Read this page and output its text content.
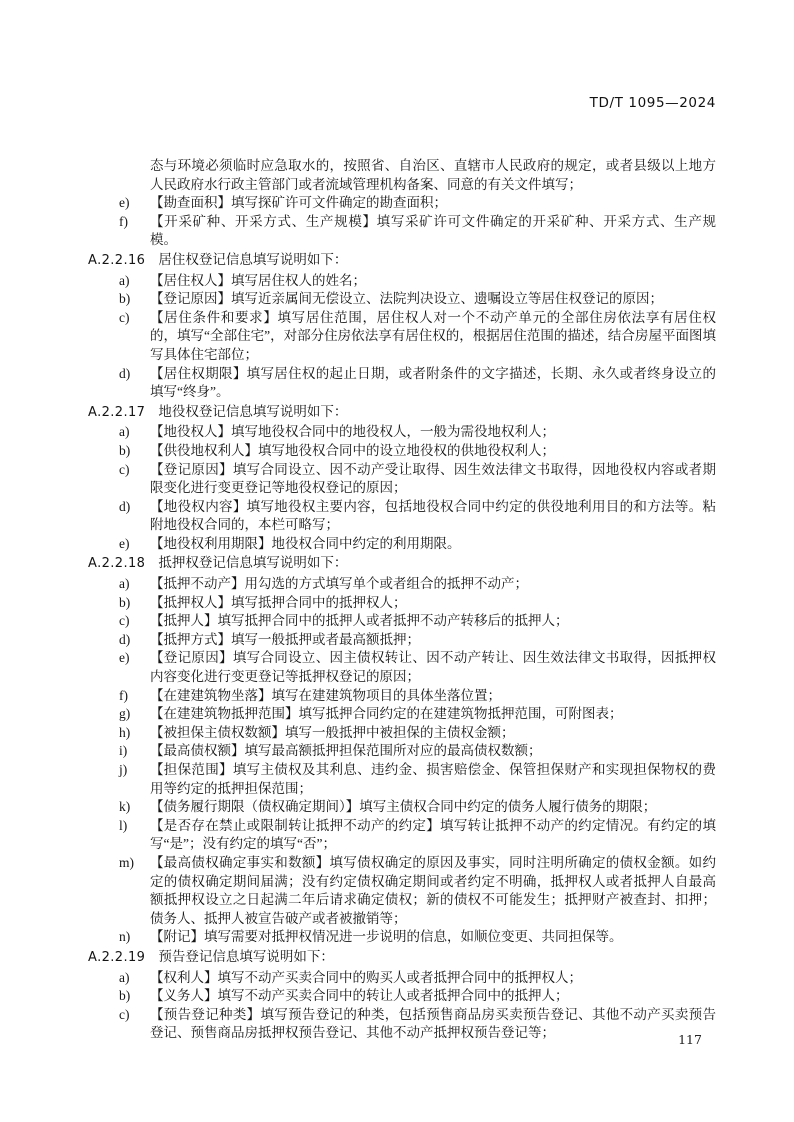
TD/T 1095—2024

态与环境必须临时应急取水的，按照省、自治区、直辖市人民政府的规定，或者县级以上地方人民政府水行政主管部门或者流域管理机构备案、同意的有关文件填写；

e) 【勘查面积】填写探矿许可文件确定的勘查面积；
f) 【开采矿种、开采方式、生产规模】填写采矿许可文件确定的开采矿种、开采方式、生产规模。
A.2.2.16 居住权登记信息填写说明如下：
a) 【居住权人】填写居住权人的姓名；
b) 【登记原因】填写近亲属间无偿设立、法院判决设立、遗嘱设立等居住权登记的原因；
c) 【居住条件和要求】填写居住范围，居住权人对一个不动产单元的全部住房依法享有居住权的，填写“全部住宅”，对部分住房依法享有居住权的，根据居住范围的描述，结合房屋平面图填写具体住宅部位；
d) 【居住权期限】填写居住权的起止日期，或者附条件的文字描述，长期、永久或者终身设立的填写“终身”。
A.2.2.17 地役权登记信息填写说明如下：
a) 【地役权人】填写地役权合同中的地役权人，一般为需役地权利人；
b) 【供役地权利人】填写地役权合同中的设立地役权的供地役权利人；
c) 【登记原因】填写合同设立、因不动产受让取得、因生效法律文书取得，因地役权内容或者期限变化进行变更登记等地役权登记的原因；
d) 【地役权内容】填写地役权主要内容，包括地役权合同中约定的供役地利用目的和方法等。粘附地役权合同的，本栏可略写；
e) 【地役权利用期限】地役权合同中约定的利用期限。
A.2.2.18 抵押权登记信息填写说明如下：
a) 【抵押不动产】用勾选的方式填写单个或者组合的抵押不动产；
b) 【抵押权人】填写抵押合同中的抵押权人；
c) 【抵押人】填写抵押合同中的抵押人或者抵押不动产转移后的抵押人；
d) 【抵押方式】填写一般抵押或者最高额抵押；
e) 【登记原因】填写合同设立、因主债权转让、因不动产转让、因生效法律文书取得，因抵押权内容变化进行变更登记等抵押权登记的原因；
f) 【在建建筑物坐落】填写在建建筑物项目的具体坐落位置；
g) 【在建建筑物抵押范围】填写抵押合同约定的在建建筑物抵押范围，可附图表；
h) 【被担保主债权数额】填写一般抵押中被担保的主债权金额；
i) 【最高债权额】填写最高额抵押担保范围所对应的最高债权数额；
j) 【担保范围】填写主债权及其利息、违约金、损害赔偿金、保管担保财产和实现担保物权的费用等约定的抵押担保范围；
k) 【债务履行期限（债权确定期间）】填写主债权合同中约定的债务人履行债务的期限；
l) 【是否存在禁止或限制转让抵押不动产的约定】填写转让抵押不动产的约定情况。有约定的填写“是”；没有约定的填写“否”；
m) 【最高债权确定事实和数额】填写债权确定的原因及事实，同时注明所确定的债权金额。如约定的债权确定期间届满；没有约定债权确定期间或者约定不明确，抵押权人或者抵押人自最高额抵押权设立之日起满二年后请求确定债权；新的债权不可能发生；抵押财产被查封、扣押；债务人、抵押人被宣告破产或者被撤销等；
n) 【附记】填写需要对抵押权情况进一步说明的信息，如顺位变更、共同担保等。
A.2.2.19 预告登记信息填写说明如下：
a) 【权利人】填写不动产买卖合同中的购买人或者抵押合同中的抵押权人；
b) 【义务人】填写不动产买卖合同中的转让人或者抵押合同中的抵押人；
c) 【预告登记种类】填写预告登记的种类，包括预售商品房买卖预告登记、其他不动产买卖预告登记、预售商品房抵押权预告登记、其他不动产抵押权预告登记等；	117
